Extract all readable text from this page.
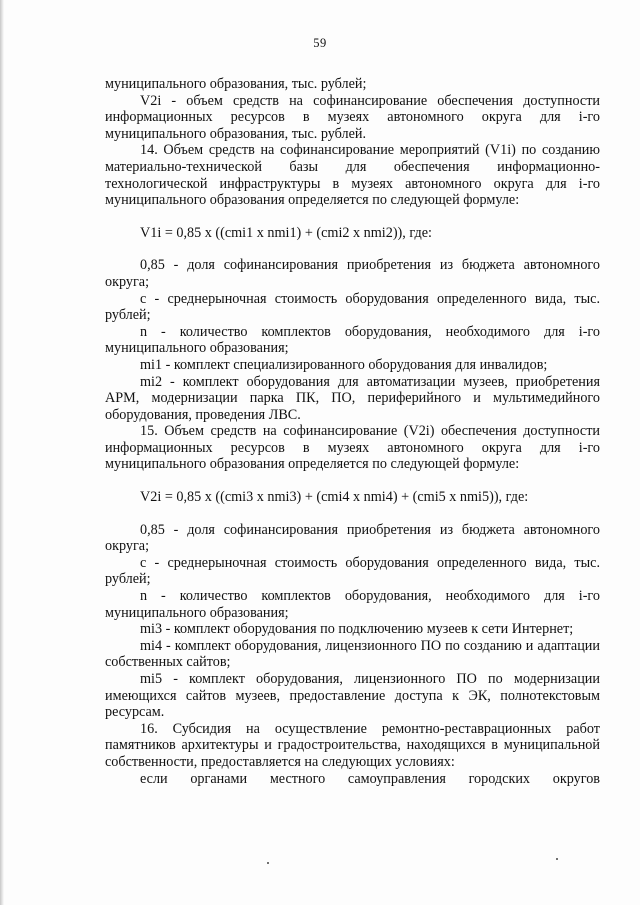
59

муниципального образования, тыс. рублей;

V2i - объем средств на софинансирование обеспечения доступности информационных ресурсов в музеях автономного округа для i-го муниципального образования, тыс. рублей.

14. Объем средств на софинансирование мероприятий (V1i) по созданию материально-технической базы для обеспечения информационно-технологической инфраструктуры в музеях автономного округа для i-го муниципального образования определяется по следующей формуле:

V1i = 0,85 x ((cmi1 x nmi1) + (cmi2 x nmi2)), где:

0,85 - доля софинансирования приобретения из бюджета автономного округа;

c - среднерыночная стоимость оборудования определенного вида, тыс. рублей;

n - количество комплектов оборудования, необходимого для i-го муниципального образования;

mi1 - комплект специализированного оборудования для инвалидов;

mi2 - комплект оборудования для автоматизации музеев, приобретения АРМ, модернизации парка ПК, ПО, периферийного и мультимедийного оборудования, проведения ЛВС.

15. Объем средств на софинансирование (V2i) обеспечения доступности информационных ресурсов в музеях автономного округа для i-го муниципального образования определяется по следующей формуле:

V2i = 0,85 x ((cmi3 x nmi3) + (cmi4 x nmi4) + (cmi5 x nmi5)), где:

0,85 - доля софинансирования приобретения из бюджета автономного округа;

c - среднерыночная стоимость оборудования определенного вида, тыс. рублей;

n - количество комплектов оборудования, необходимого для i-го муниципального образования;

mi3 - комплект оборудования по подключению музеев к сети Интернет;

mi4 - комплект оборудования, лицензионного ПО по созданию и адаптации собственных сайтов;

mi5 - комплект оборудования, лицензионного ПО по модернизации имеющихся сайтов музеев, предоставление доступа к ЭК, полнотекстовым ресурсам.

16. Субсидия на осуществление ремонтно-реставрационных работ памятников архитектуры и градостроительства, находящихся в муниципальной собственности, предоставляется на следующих условиях:

если органами местного самоуправления городских округов
